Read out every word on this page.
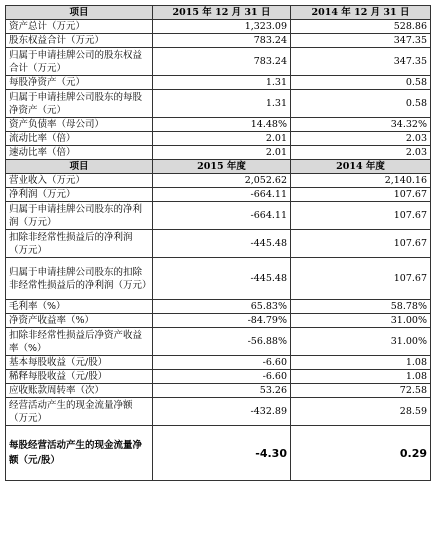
项目	2015 年 12 月 31 日	2014 年 12 月 31 日
资产总计（万元）	1,323.09	528.86
股东权益合计（万元）	783.24	347.35
归属于申请挂牌公司的股东权益合计（万元）	783.24	347.35
每股净资产（元）	1.31	0.58
归属于申请挂牌公司股东的每股净资产（元）	1.31	0.58
资产负债率（母公司）	14.48%	34.32%
流动比率（倍）	2.01	2.03
速动比率（倍）	2.01	2.03
项目	2015 年度	2014 年度
营业收入（万元）	2,052.62	2,140.16
净利润（万元）	-664.11	107.67
归属于申请挂牌公司股东的净利润（万元）	-664.11	107.67
扣除非经常性损益后的净利润（万元）	-445.48	107.67
归属于申请挂牌公司股东的扣除非经常性损益后的净利润（万元）	-445.48	107.67
毛利率（%）	65.83%	58.78%
净资产收益率（%）	-84.79%	31.00%
扣除非经常性损益后净资产收益率（%）	-56.88%	31.00%
基本每股收益（元/股）	-6.60	1.08
稀释每股收益（元/股）	-6.60	1.08
应收账款周转率（次）	53.26	72.58
经营活动产生的现金流量净额（万元）	-432.89	28.59
每股经营活动产生的现金流量净额（元/股）	-4.30	0.29
